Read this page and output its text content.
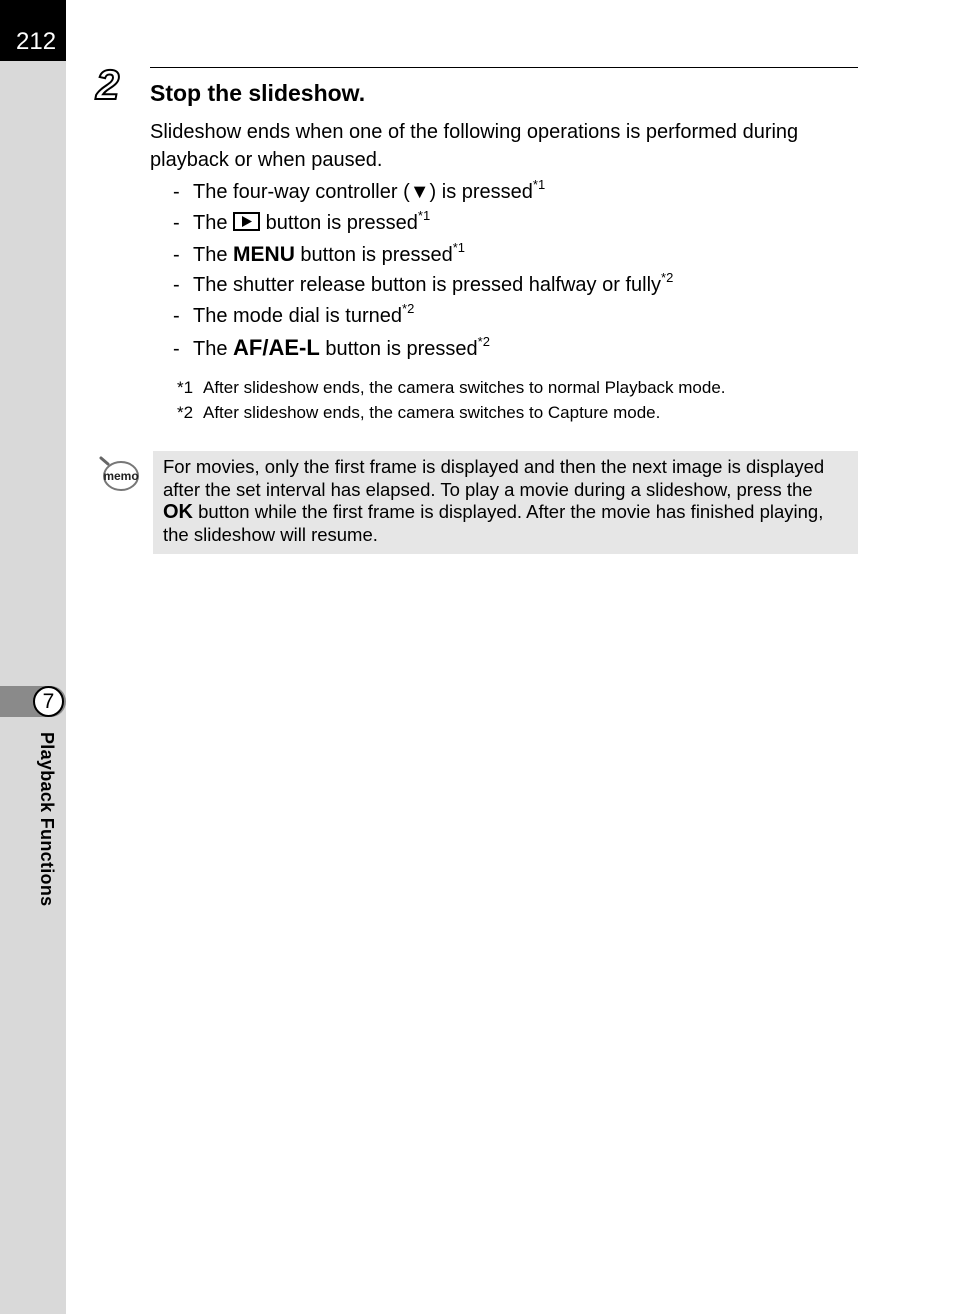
212
7
Playback Functions
2 Stop the slideshow.
Slideshow ends when one of the following operations is performed during playback or when paused.
- The four-way controller (▼) is pressed$^{*1}$
- The  button is pressed$^{*1}$
- The MENU button is pressed$^{*1}$
- The shutter release button is pressed halfway or fully$^{*2}$
- The mode dial is turned$^{*2}$
- The AF/AE-L button is pressed$^{*2}$
*1 After slideshow ends, the camera switches to normal Playback mode.
*2 After slideshow ends, the camera switches to Capture mode.
memo For movies, only the first frame is displayed and then the next image is displayed after the set interval has elapsed. To play a movie during a slideshow, press the OK button while the first frame is displayed. After the movie has finished playing, the slideshow will resume.
